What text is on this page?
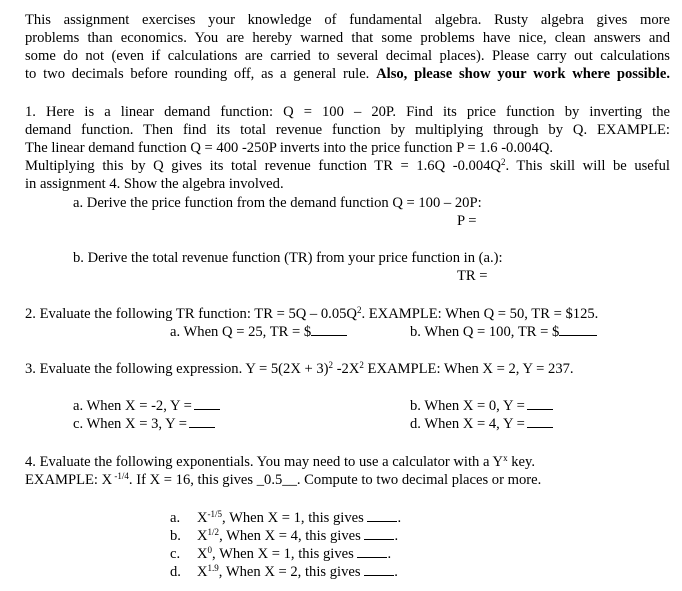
This assignment exercises your knowledge of fundamental algebra. Rusty algebra gives more
problems than economics. You are hereby warned that some problems have nice, clean answers and
some do not (even if calculations are carried to several decimal places). Please carry out calculations
to two decimals before rounding off, as a general rule. Also, please show your work where possible.
1. Here is a linear demand function: Q = 100 – 20P. Find its price function by inverting the
demand function. Then find its total revenue function by multiplying through by Q. EXAMPLE:
The linear demand function Q = 400 -250P inverts into the price function P = 1.6 -0.004Q.
Multiplying this by Q gives its total revenue function TR = 1.6Q $-0.004Q^2$. This skill will be useful
in assignment 4. Show the algebra involved.
a. Derive the price function from the demand function Q = 100 – 20P:
P =
b. Derive the total revenue function (TR) from your price function in (a.):
TR =
2. Evaluate the following TR function: TR = $5Q - 0.05Q^2$. EXAMPLE: When Q = 50, TR = $125.
a. When Q = 25, TR = $	b. When Q = 100, TR = $
3. Evaluate the following expression. $Y = 5(2X + 3)^2$ $-2X^2$ EXAMPLE: When X = 2, Y = 237.
a. When X = -2, Y =	b. When X = 0, Y =
c. When X = 3, Y =	d. When X = 4, Y =
4. Evaluate the following exponentials. You may need to use a calculator with a $Y^x$ key.
EXAMPLE: X $^{-1/4}$. If X = 16, this gives _0.5__. Compute to two decimal places or more.
a. $X^{-1/5}$, When X = 1, this gives .
b. $X^{1/2}$, When X = 4, this gives .
c. $X^0$, When X = 1, this gives .
d. $X^{1.9}$, When X = 2, this gives .
